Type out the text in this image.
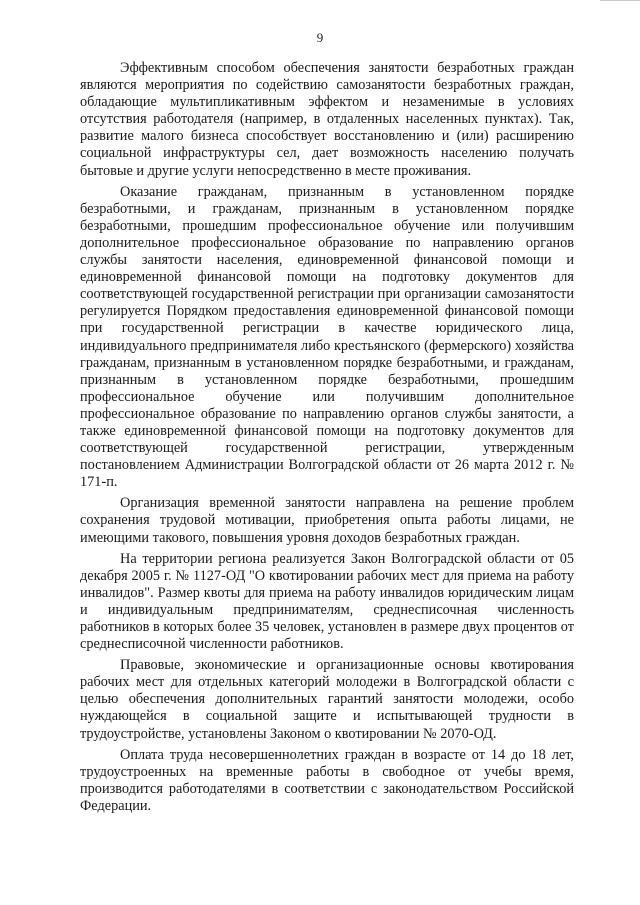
9

Эффективным способом обеспечения занятости безработных граждан являются мероприятия по содействию самозанятости безработных граждан, обладающие мультипликативным эффектом и незаменимые в условиях отсутствия работодателя (например, в отдаленных населенных пунктах). Так, развитие малого бизнеса способствует восстановлению и (или) расширению социальной инфраструктуры сел, дает возможность населению получать бытовые и другие услуги непосредственно в месте проживания.

Оказание гражданам, признанным в установленном порядке безработными, и гражданам, признанным в установленном порядке безработными, прошедшим профессиональное обучение или получившим дополнительное профессиональное образование по направлению органов службы занятости населения, единовременной финансовой помощи и единовременной финансовой помощи на подготовку документов для соответствующей государственной регистрации при организации самозанятости регулируется Порядком предоставления единовременной финансовой помощи при государственной регистрации в качестве юридического лица, индивидуального предпринимателя либо крестьянского (фермерского) хозяйства гражданам, признанным в установленном порядке безработными, и гражданам, признанным в установленном порядке безработными, прошедшим профессиональное обучение или получившим дополнительное профессиональное образование по направлению органов службы занятости, а также единовременной финансовой помощи на подготовку документов для соответствующей государственной регистрации, утвержденным постановлением Администрации Волгоградской области от 26 марта 2012 г. № 171-п.

Организация временной занятости направлена на решение проблем сохранения трудовой мотивации, приобретения опыта работы лицами, не имеющими такового, повышения уровня доходов безработных граждан.

На территории региона реализуется Закон Волгоградской области от 05 декабря 2005 г. № 1127-ОД "О квотировании рабочих мест для приема на работу инвалидов". Размер квоты для приема на работу инвалидов юридическим лицам и индивидуальным предпринимателям, среднесписочная численность работников в которых более 35 человек, установлен в размере двух процентов от среднесписочной численности работников.

Правовые, экономические и организационные основы квотирования рабочих мест для отдельных категорий молодежи в Волгоградской области с целью обеспечения дополнительных гарантий занятости молодежи, особо нуждающейся в социальной защите и испытывающей трудности в трудоустройстве, установлены Законом о квотировании № 2070-ОД.

Оплата труда несовершеннолетних граждан в возрасте от 14 до 18 лет, трудоустроенных на временные работы в свободное от учебы время, производится работодателями в соответствии с законодательством Российской Федерации.
